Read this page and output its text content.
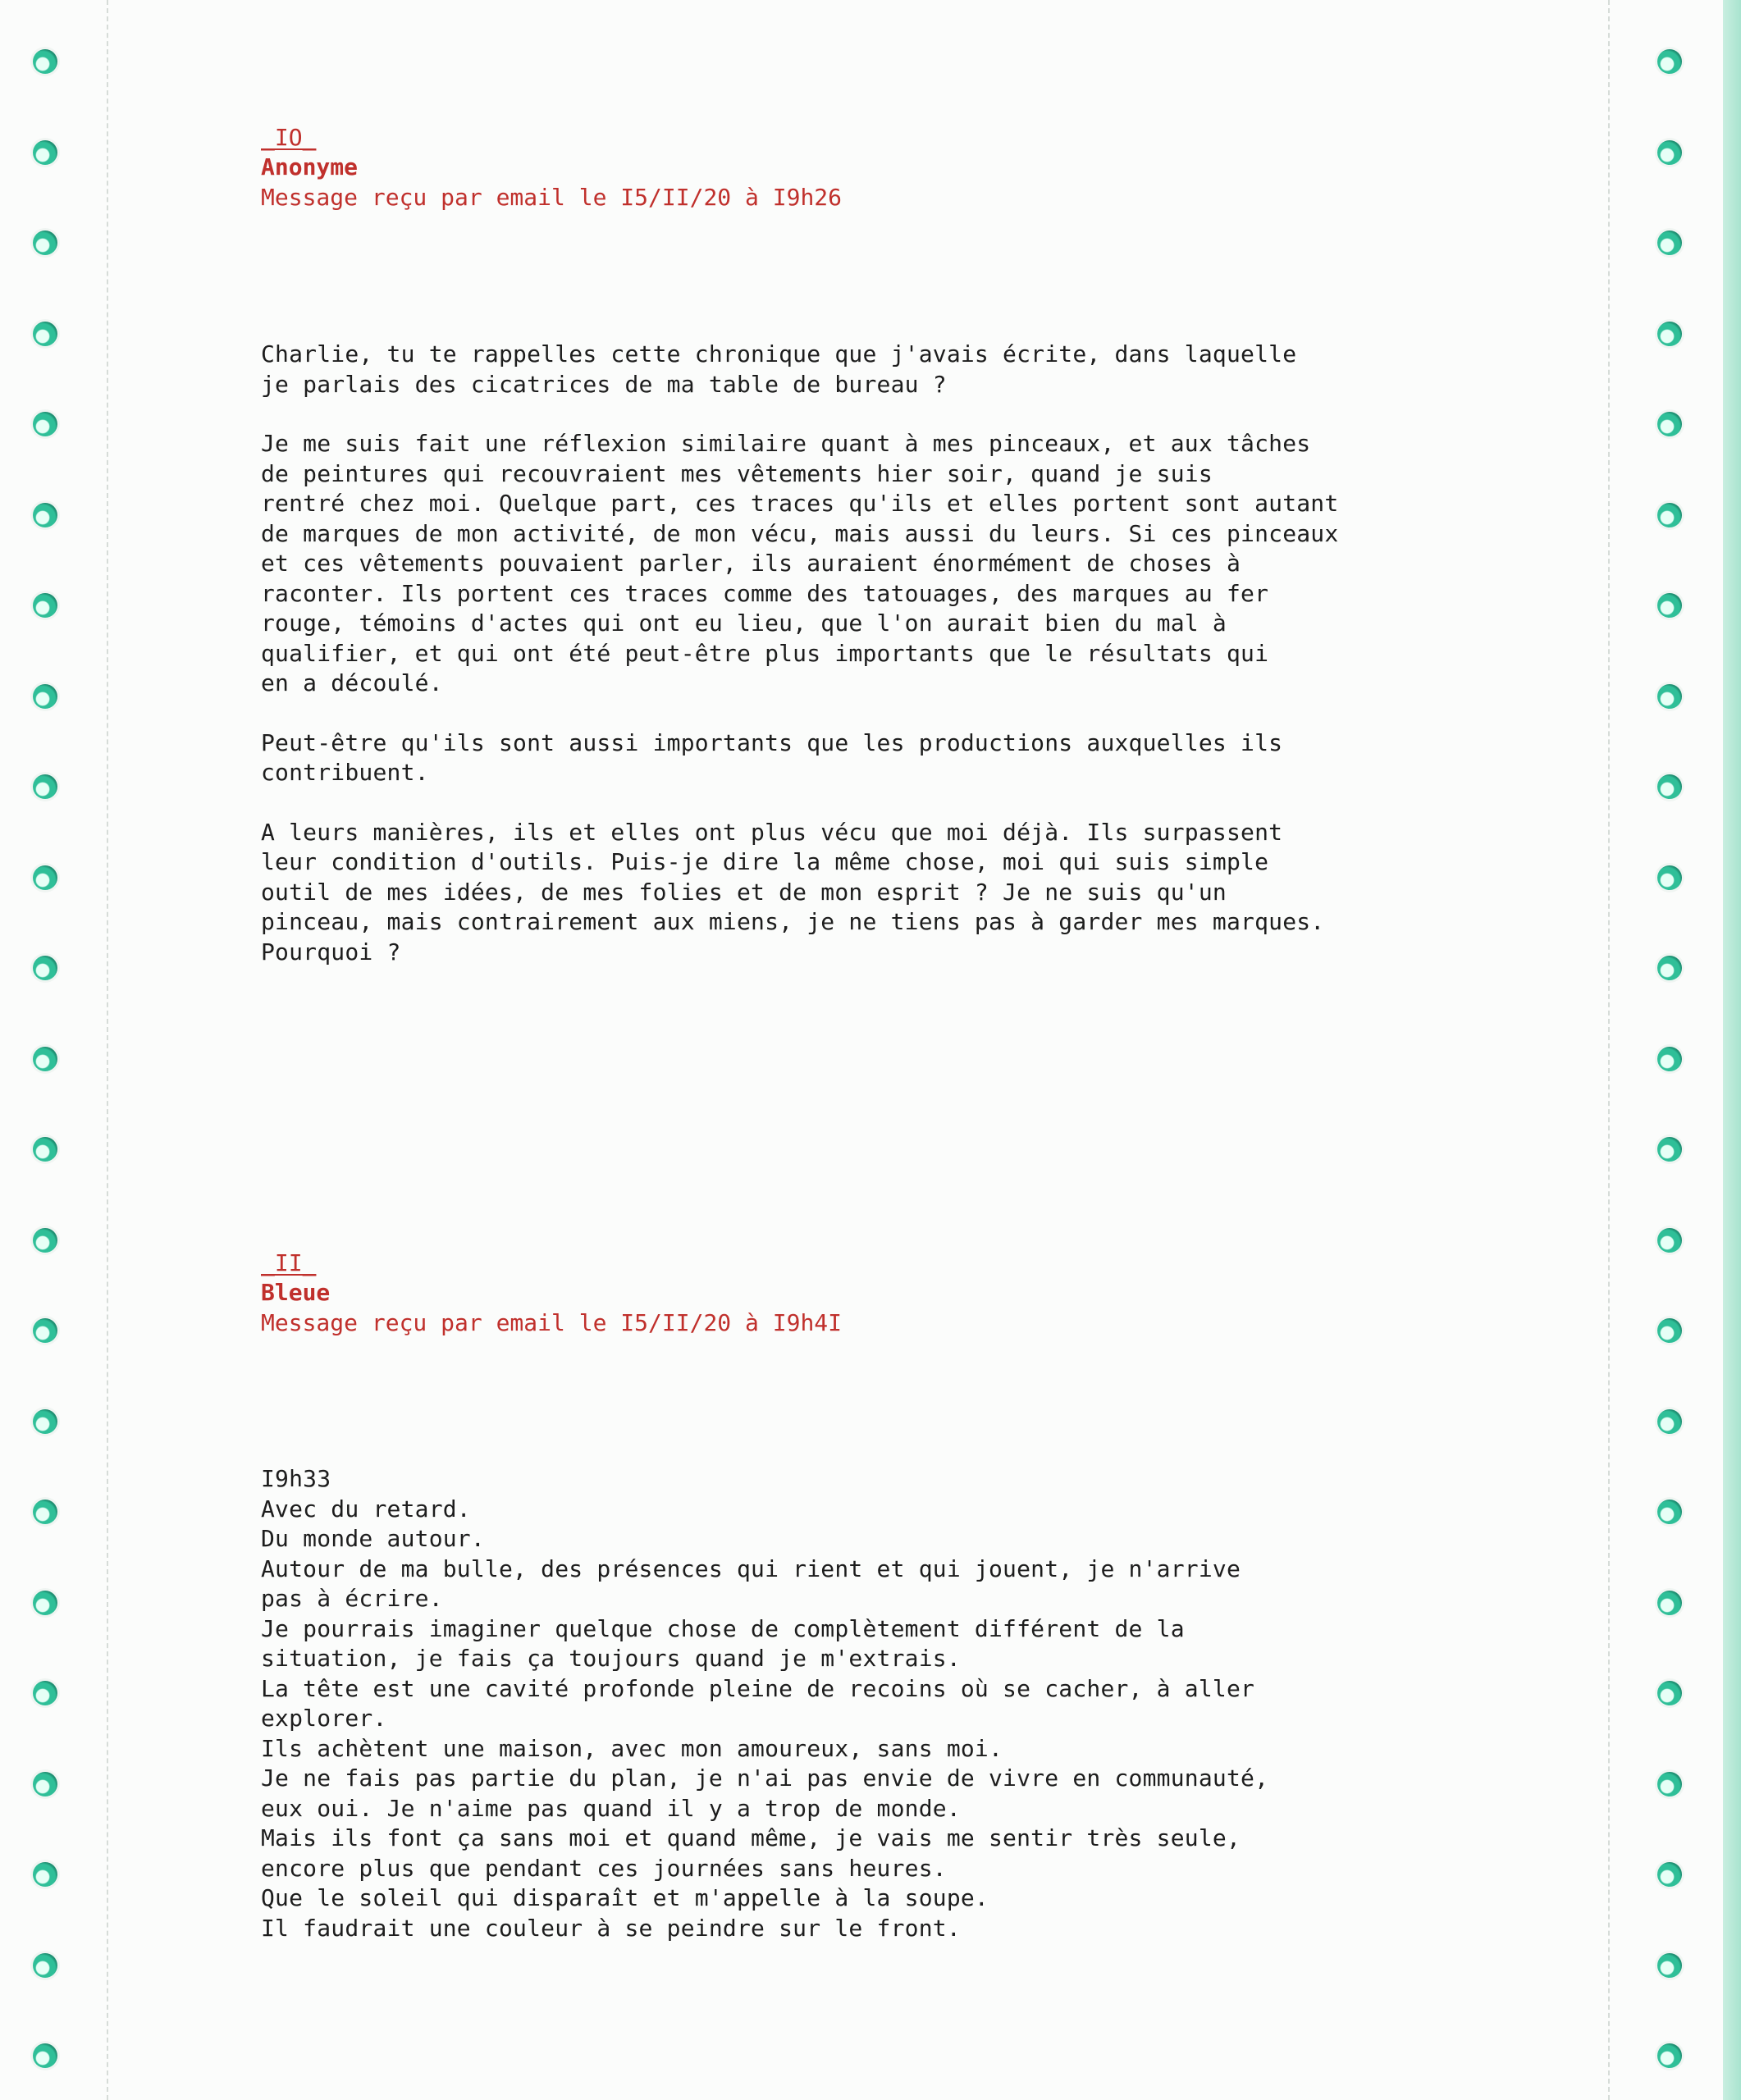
_IO_
Anonyme
Message reçu par email le I5/II/20 à I9h26
Charlie, tu te rappelles cette chronique que j'avais écrite, dans laquelle
je parlais des cicatrices de ma table de bureau ?
Je me suis fait une réflexion similaire quant à mes pinceaux, et aux tâches
de peintures qui recouvraient mes vêtements hier soir, quand je suis
rentré chez moi. Quelque part, ces traces qu'ils et elles portent sont autant
de marques de mon activité, de mon vécu, mais aussi du leurs. Si ces pinceaux
et ces vêtements pouvaient parler, ils auraient énormément de choses à
raconter. Ils portent ces traces comme des tatouages, des marques au fer
rouge, témoins d'actes qui ont eu lieu, que l'on aurait bien du mal à
qualifier, et qui ont été peut-être plus importants que le résultats qui
en a découlé.
Peut-être qu'ils sont aussi importants que les productions auxquelles ils
contribuent.
A leurs manières, ils et elles ont plus vécu que moi déjà. Ils surpassent
leur condition d'outils. Puis-je dire la même chose, moi qui suis simple
outil de mes idées, de mes folies et de mon esprit ? Je ne suis qu'un
pinceau, mais contrairement aux miens, je ne tiens pas à garder mes marques.
Pourquoi ?
_II_
Bleue
Message reçu par email le I5/II/20 à I9h4I
I9h33
Avec du retard.
Du monde autour.
Autour de ma bulle, des présences qui rient et qui jouent, je n'arrive
pas à écrire.
Je pourrais imaginer quelque chose de complètement différent de la
situation, je fais ça toujours quand je m'extrais.
La tête est une cavité profonde pleine de recoins où se cacher, à aller
explorer.
Ils achètent une maison, avec mon amoureux, sans moi.
Je ne fais pas partie du plan, je n'ai pas envie de vivre en communauté,
eux oui. Je n'aime pas quand il y a trop de monde.
Mais ils font ça sans moi et quand même, je vais me sentir très seule,
encore plus que pendant ces journées sans heures.
Que le soleil qui disparaît et m'appelle à la soupe.
Il faudrait une couleur à se peindre sur le front.
